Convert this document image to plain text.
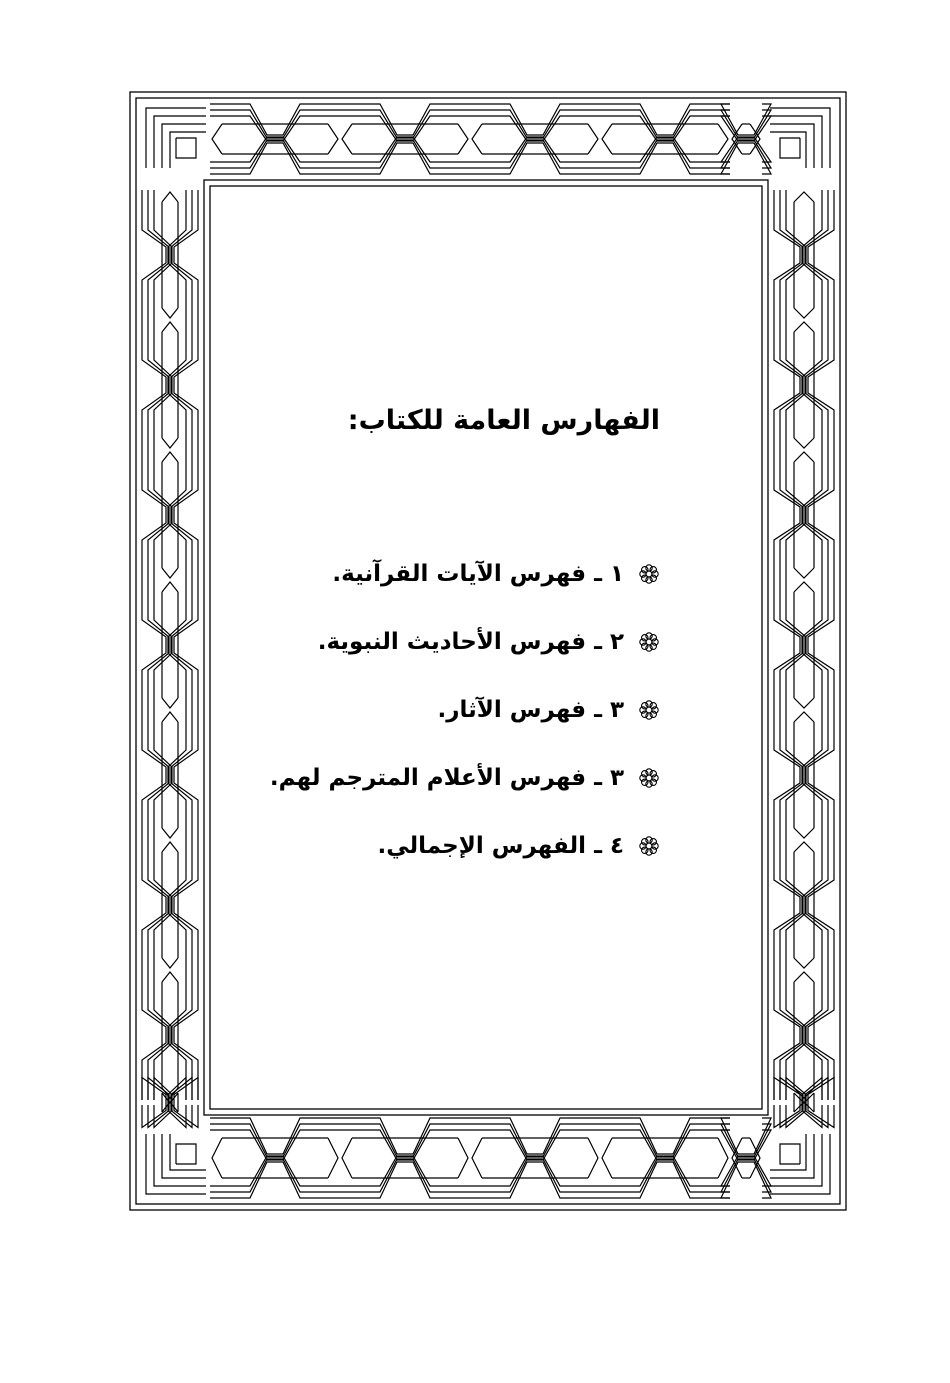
الفهارس العامة للكتاب:
١ ـ فهرس الآيات القرآنية.
٢ ـ فهرس الأحاديث النبوية.
٣ ـ فهرس الآثار.
٣ ـ فهرس الأعلام المترجم لهم.
٤ ـ الفهرس الإجمالي.
